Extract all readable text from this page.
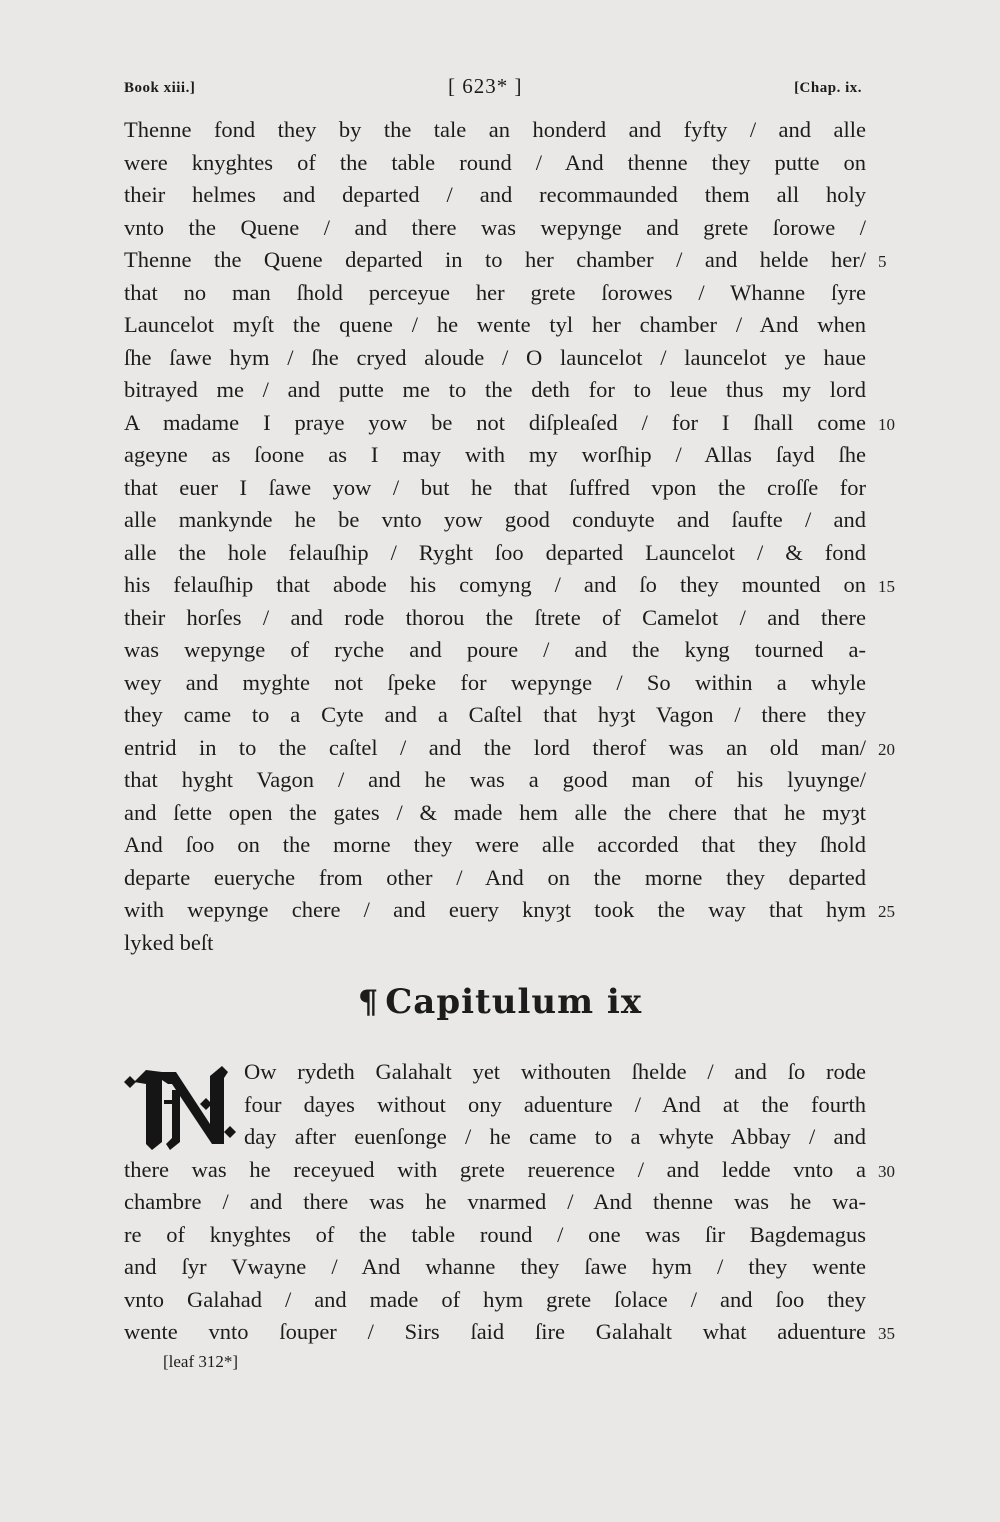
Book xiii.]	[ 623* ]	[Chap. ix.
Thenne fond they by the tale an honderd and fyfty / and alle
were knyghtes of the table round / And thenne they putte on
their helmes and departed / and recommaunded them all holy
vnto the Quene / and there was wepynge and grete ſorowe /
Thenne the Quene departed in to her chamber / and helde her/ 5
that no man ſhold perceyue her grete ſorowes / Whanne ſyre
Launcelot myſt the quene / he wente tyl her chamber / And when
ſhe ſawe hym / ſhe cryed aloude / O launcelot / launcelot ye haue
bitrayed me / and putte me to the deth for to leue thus my lord
A madame I praye yow be not diſpleaſed / for I ſhall come 10
ageyne as ſoone as I may with my worſhip / Allas ſayd ſhe
that euer I ſawe yow / but he that ſuffred vpon the croſſe for
alle mankynde he be vnto yow good conduyte and ſaufte / and
alle the hole felauſhip / Ryght ſoo departed Launcelot / & fond
his felauſhip that abode his comyng / and ſo they mounted on 15
their horſes / and rode thorou the ſtrete of Camelot / and there
was wepynge of ryche and poure / and the kyng tourned a-
wey and myghte not ſpeke for wepynge / So within a whyle
they came to a Cyte and a Caſtel that hyȝt Vagon / there they
entrid in to the caſtel / and the lord therof was an old man/ 20
that hyght Vagon / and he was a good man of his lyuynge/
and ſette open the gates / & made hem alle the chere that he myȝt
And ſoo on the morne they were alle accorded that they ſhold
departe eueryche from other / And on the morne they departed
with wepynge chere / and euery knyȝt took the way that hym 25
lyked beſt
¶ Capitulum ix
N
Ow rydeth Galahalt yet withouten ſhelde / and ſo rode
four dayes without ony aduenture / And at the fourth
day after euenſonge / he came to a whyte Abbay / and
there was he receyued with grete reuerence / and ledde vnto a 30
chambre / and there was he vnarmed / And thenne was he wa-
re of knyghtes of the table round / one was ſir Bagdemagus
and ſyr Vwayne / And whanne they ſawe hym / they wente
vnto Galahad / and made of hym grete ſolace / and ſoo they
wente vnto ſouper / Sirs ſaid ſire Galahalt what aduenture 35
[leaf 312*]
